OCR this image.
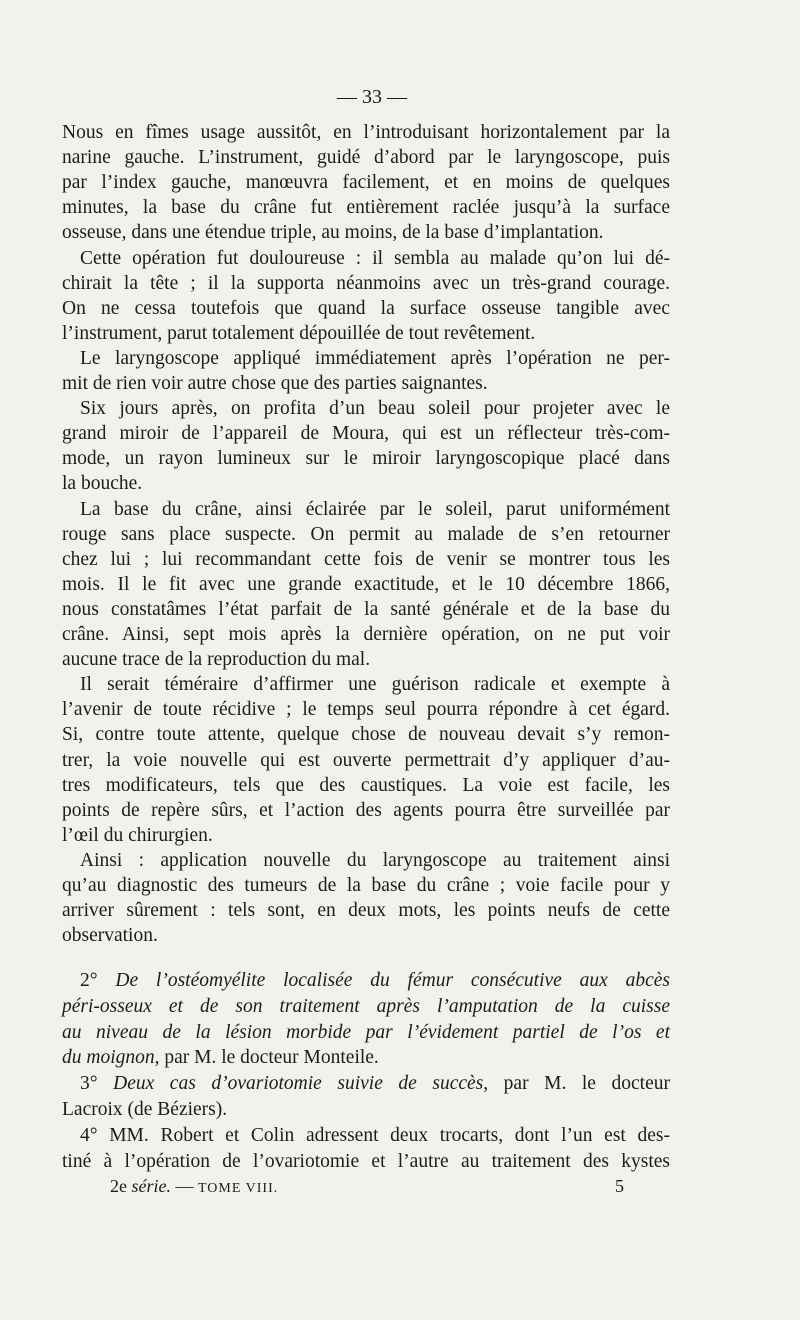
— 33 —
Nous en fîmes usage aussitôt, en l’introduisant horizontalement par la
narine gauche. L’instrument, guidé d’abord par le laryngoscope, puis
par l’index gauche, manœuvra facilement, et en moins de quelques
minutes, la base du crâne fut entièrement raclée jusqu’à la surface
osseuse, dans une étendue triple, au moins, de la base d’implantation.
Cette opération fut douloureuse : il sembla au malade qu’on lui dé-
chirait la tête ; il la supporta néanmoins avec un très-grand courage.
On ne cessa toutefois que quand la surface osseuse tangible avec
l’instrument, parut totalement dépouillée de tout revêtement.
Le laryngoscope appliqué immédiatement après l’opération ne per-
mit de rien voir autre chose que des parties saignantes.
Six jours après, on profita d’un beau soleil pour projeter avec le
grand miroir de l’appareil de Moura, qui est un réflecteur très-com-
mode, un rayon lumineux sur le miroir laryngoscopique placé dans
la bouche.
La base du crâne, ainsi éclairée par le soleil, parut uniformément
rouge sans place suspecte. On permit au malade de s’en retourner
chez lui ; lui recommandant cette fois de venir se montrer tous les
mois. Il le fit avec une grande exactitude, et le 10 décembre 1866,
nous constatâmes l’état parfait de la santé générale et de la base du
crâne. Ainsi, sept mois après la dernière opération, on ne put voir
aucune trace de la reproduction du mal.
Il serait téméraire d’affirmer une guérison radicale et exempte à
l’avenir de toute récidive ; le temps seul pourra répondre à cet égard.
Si, contre toute attente, quelque chose de nouveau devait s’y remon-
trer, la voie nouvelle qui est ouverte permettrait d’y appliquer d’au-
tres modificateurs, tels que des caustiques. La voie est facile, les
points de repère sûrs, et l’action des agents pourra être surveillée par
l’œil du chirurgien.
Ainsi : application nouvelle du laryngoscope au traitement ainsi
qu’au diagnostic des tumeurs de la base du crâne ; voie facile pour y
arriver sûrement : tels sont, en deux mots, les points neufs de cette
observation.
2° De l’ostéomyélite localisée du fémur consécutive aux abcès
péri-osseux et de son traitement après l’amputation de la cuisse
au niveau de la lésion morbide par l’évidement partiel de l’os et
du moignon, par M. le docteur Monteile.
3° Deux cas d’ovariotomie suivie de succès, par M. le docteur
Lacroix (de Béziers).
4° MM. Robert et Colin adressent deux trocarts, dont l’un est des-
tiné à l’opération de l’ovariotomie et l’autre au traitement des kystes
2e série. — TOME VIII.	5
